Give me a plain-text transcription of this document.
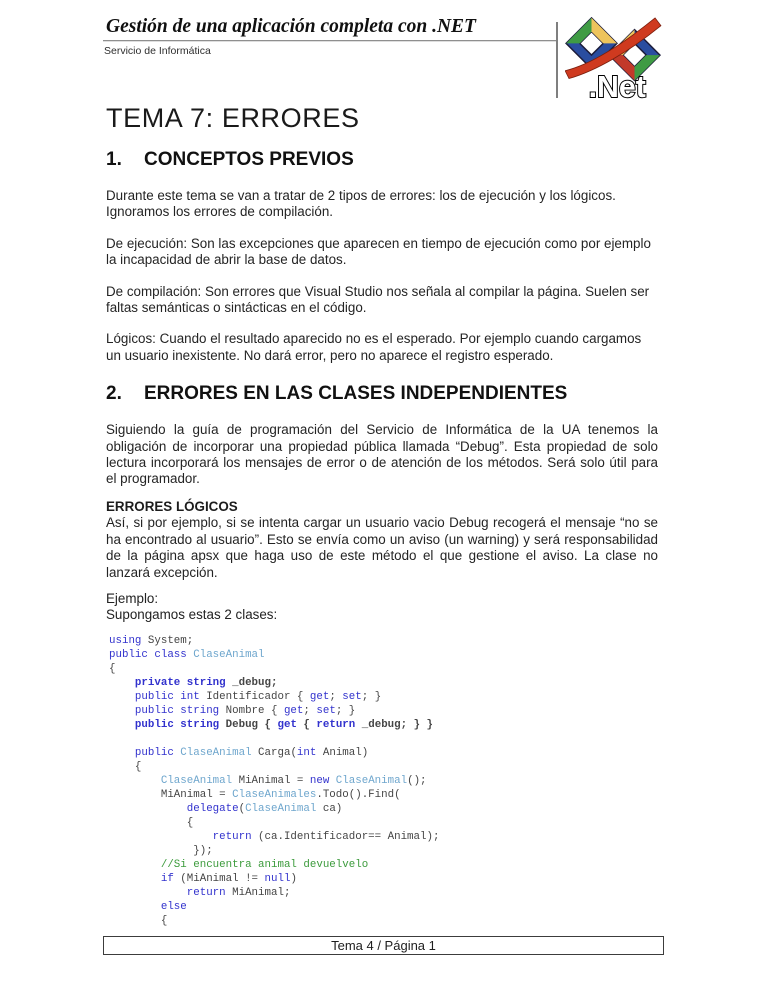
Gestión de una aplicación completa con .NET
Servicio de Informática
.Net
TEMA 7: ERRORES
1.	CONCEPTOS PREVIOS

Durante este tema se van a tratar de 2 tipos de errores: los de ejecución y los lógicos. Ignoramos los errores de compilación.

De ejecución: Son las excepciones que aparecen en tiempo de ejecución como por ejemplo la incapacidad de abrir la base de datos.

De compilación: Son errores que Visual Studio nos señala al compilar la página. Suelen ser faltas semánticas o sintácticas en el código.

Lógicos: Cuando el resultado aparecido no es el esperado. Por ejemplo cuando cargamos un usuario inexistente. No dará error, pero no aparece el registro esperado.

2.	ERRORES EN LAS CLASES INDEPENDIENTES

Siguiendo la guía de programación del Servicio de Informática de la UA tenemos la obligación de incorporar una propiedad pública llamada “Debug”. Esta propiedad de solo lectura incorporará los mensajes de error o de atención de los métodos. Será solo útil para el programador.

ERRORES LÓGICOS

Así, si por ejemplo, si se intenta cargar un usuario vacio Debug recogerá el mensaje “no se ha encontrado al usuario”. Esto se envía como un aviso (un warning) y será responsabilidad de la página apsx que haga uso de este método el que gestione el aviso. La clase no lanzará excepción.

Ejemplo:
Supongamos estas 2 clases:
using System;
public class ClaseAnimal
{
private string _debug;
public int Identificador { get; set; }
public string Nombre { get; set; }
public string Debug { get { return _debug; } }

public ClaseAnimal Carga(int Animal)
{
ClaseAnimal MiAnimal = new ClaseAnimal();
MiAnimal = ClaseAnimales.Todo().Find(
delegate(ClaseAnimal ca)
{
return (ca.Identificador== Animal);
});
//Si encuentra animal devuelvelo
if (MiAnimal != null)
return MiAnimal;
else
{
Tema 4 / Página 1
